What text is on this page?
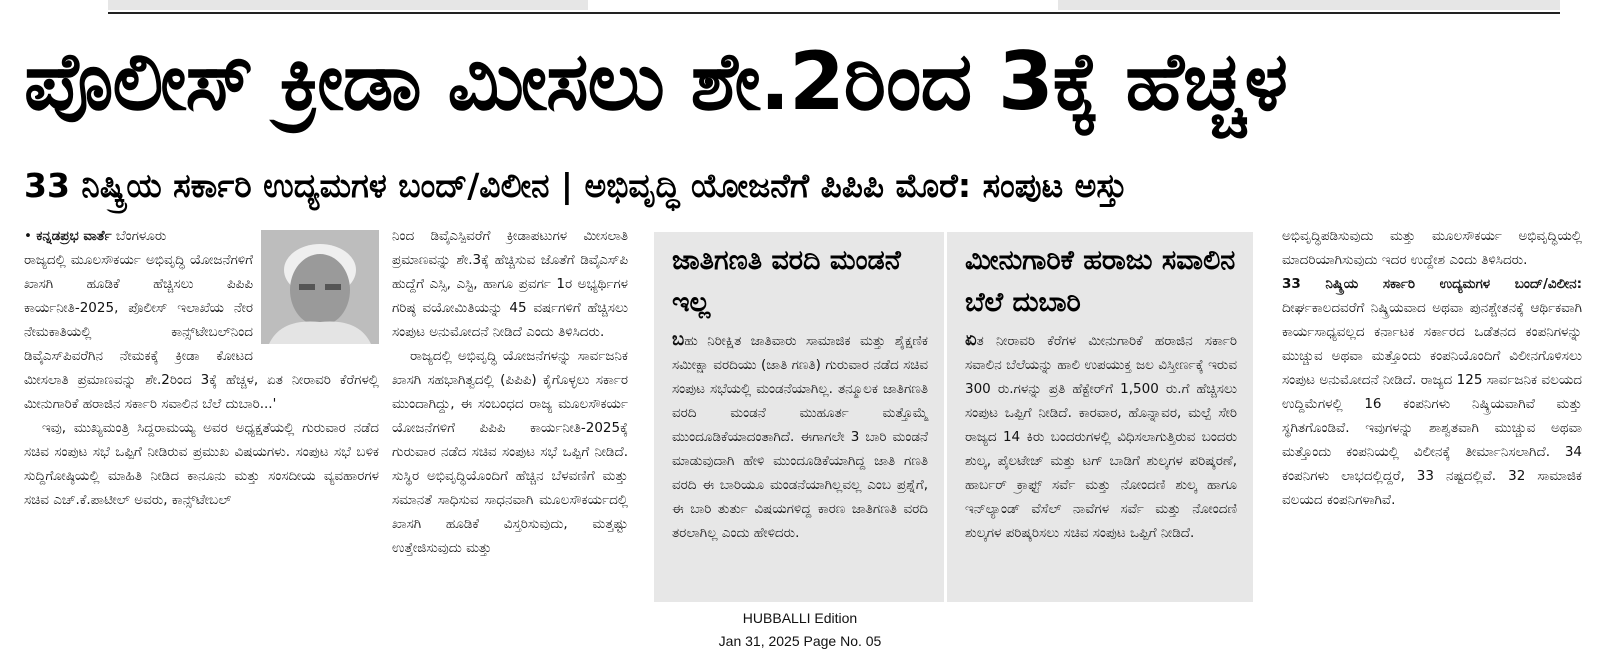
ಪೊಲೀಸ್ ಕ್ರೀಡಾ ಮೀಸಲು ಶೇ.2ರಿಂದ 3ಕ್ಕೆ ಹೆಚ್ಚಳ
33 ನಿಷ್ಕ್ರಿಯ ಸರ್ಕಾರಿ ಉದ್ಯಮಗಳ ಬಂದ್/ವಿಲೀನ | ಅಭಿವೃದ್ಧಿ ಯೋಜನೆಗೆ ಪಿಪಿಪಿ ಮೊರೆ: ಸಂಪುಟ ಅಸ್ತು

• ಕನ್ನಡಪ್ರಭ ವಾರ್ತೆ ಬೆಂಗಳೂರು

ರಾಜ್ಯದಲ್ಲಿ ಮೂಲಸೌಕರ್ಯ ಅಭಿವೃದ್ಧಿ ಯೋಜನೆಗಳಿಗೆ ಖಾಸಗಿ ಹೂಡಿಕೆ ಹೆಚ್ಚಿಸಲು ಪಿಪಿಪಿ ಕಾರ್ಯನೀತಿ-2025, ಪೊಲೀಸ್ ಇಲಾಖೆಯ ನೇರ ನೇಮಕಾತಿಯಲ್ಲಿ ಕಾನ್ಸ್‌ಟೇಬಲ್‌ನಿಂದ ಡಿವೈಎಸ್‌ಪಿವರೆಗಿನ ನೇಮಕಕ್ಕೆ ಕ್ರೀಡಾ ಕೋಟದ ಮೀಸಲಾತಿ ಪ್ರಮಾಣವನ್ನು ಶೇ.2ರಿಂದ 3ಕ್ಕೆ ಹೆಚ್ಚಳ, ಏತ ನೀರಾವರಿ ಕೆರೆಗಳಲ್ಲಿ ಮೀನುಗಾರಿಕೆ ಹರಾಜಿನ ಸರ್ಕಾರಿ ಸವಾಲಿನ ಬೆಲೆ ದುಬಾರಿ...'

ಇವು, ಮುಖ್ಯಮಂತ್ರಿ ಸಿದ್ದರಾಮಯ್ಯ ಅವರ ಅಧ್ಯಕ್ಷತೆಯಲ್ಲಿ ಗುರುವಾರ ನಡೆದ ಸಚಿವ ಸಂಪುಟ ಸಭೆ ಒಪ್ಪಿಗೆ ನೀಡಿರುವ ಪ್ರಮುಖ ವಿಷಯಗಳು. ಸಂಪುಟ ಸಭೆ ಬಳಿಕ ಸುದ್ದಿಗೋಷ್ಠಿಯಲ್ಲಿ ಮಾಹಿತಿ ನೀಡಿದ ಕಾನೂನು ಮತ್ತು ಸಂಸದೀಯ ವ್ಯವಹಾರಗಳ ಸಚಿವ ಎಚ್.ಕೆ.ಪಾಟೀಲ್ ಅವರು, ಕಾನ್ಸ್‌ಟೇಬಲ್

ನಿಂದ ಡಿವೈಎಸ್ಪಿವರೆಗೆ ಕ್ರೀಡಾಪಟುಗಳ ಮೀಸಲಾತಿ ಪ್ರಮಾಣವನ್ನು ಶೇ.3ಕ್ಕೆ ಹೆಚ್ಚಿಸುವ ಜೊತೆಗೆ ಡಿವೈಎಸ್‌ಪಿ ಹುದ್ದೆಗೆ ಎಸ್ಸಿ, ಎಸ್ಟಿ, ಹಾಗೂ ಪ್ರವರ್ಗ 1ರ ಅಭ್ಯರ್ಥಿಗಳ ಗರಿಷ್ಠ ವಯೋಮಿತಿಯನ್ನು 45 ವರ್ಷಗಳಿಗೆ ಹೆಚ್ಚಿಸಲು ಸಂಪುಟ ಅನುಮೋದನೆ ನೀಡಿದೆ ಎಂದು ತಿಳಿಸಿದರು.

ರಾಜ್ಯದಲ್ಲಿ ಅಭಿವೃದ್ಧಿ ಯೋಜನೆಗಳನ್ನು ಸಾರ್ವಜನಿಕ ಖಾಸಗಿ ಸಹಭಾಗಿತ್ವದಲ್ಲಿ (ಪಿಪಿಪಿ) ಕೈಗೊಳ್ಳಲು ಸರ್ಕಾರ ಮುಂದಾಗಿದ್ದು, ಈ ಸಂಬಂಧದ ರಾಜ್ಯ ಮೂಲಸೌಕರ್ಯ ಯೋಜನೆಗಳಿಗೆ ಪಿಪಿಪಿ ಕಾರ್ಯನೀತಿ-2025ಕ್ಕೆ ಗುರುವಾರ ನಡೆದ ಸಚಿವ ಸಂಪುಟ ಸಭೆ ಒಪ್ಪಿಗೆ ನೀಡಿದೆ. ಸುಸ್ಥಿರ ಅಭಿವೃದ್ಧಿಯೊಂದಿಗೆ ಹೆಚ್ಚಿನ ಬೆಳವಣಿಗೆ ಮತ್ತು ಸಮಾನತೆ ಸಾಧಿಸುವ ಸಾಧನವಾಗಿ ಮೂಲಸೌಕರ್ಯದಲ್ಲಿ ಖಾಸಗಿ ಹೂಡಿಕೆ ವಿಸ್ತರಿಸುವುದು, ಮತ್ತಷ್ಟು ಉತ್ತೇಜಿಸುವುದು ಮತ್ತು

ಜಾತಿಗಣತಿ ವರದಿ ಮಂಡನೆ ಇಲ್ಲ

ಬಹು ನಿರೀಕ್ಷಿತ ಜಾತಿವಾರು ಸಾಮಾಜಿಕ ಮತ್ತು ಶೈಕ್ಷಣಿಕ ಸಮೀಕ್ಷಾ ವರದಿಯು (ಜಾತಿ ಗಣತಿ) ಗುರುವಾರ ನಡೆದ ಸಚಿವ ಸಂಪುಟ ಸಭೆಯಲ್ಲಿ ಮಂಡನೆಯಾಗಿಲ್ಲ. ತನ್ಮೂಲಕ ಜಾತಿಗಣತಿ ವರದಿ ಮಂಡನೆ ಮುಹೂರ್ತ ಮತ್ತೊಮ್ಮೆ ಮುಂದೂಡಿಕೆಯಾದಂತಾಗಿದೆ. ಈಗಾಗಲೇ 3 ಬಾರಿ ಮಂಡನೆ ಮಾಡುವುದಾಗಿ ಹೇಳಿ ಮುಂದೂಡಿಕೆಯಾಗಿದ್ದ ಜಾತಿ ಗಣತಿ ವರದಿ ಈ ಬಾರಿಯೂ ಮಂಡನೆಯಾಗಿಲ್ಲವಲ್ಲ ಎಂಬ ಪ್ರಶ್ನೆಗೆ, ಈ ಬಾರಿ ತುರ್ತು ವಿಷಯಗಳಿದ್ದ ಕಾರಣ ಜಾತಿಗಣತಿ ವರದಿ ತರಲಾಗಿಲ್ಲ ಎಂದು ಹೇಳಿದರು.

ಮೀನುಗಾರಿಕೆ ಹರಾಜು ಸವಾಲಿನ ಬೆಲೆ ದುಬಾರಿ

ಏತ ನೀರಾವರಿ ಕೆರೆಗಳ ಮೀನುಗಾರಿಕೆ ಹರಾಜಿನ ಸರ್ಕಾರಿ ಸವಾಲಿನ ಬೆಲೆಯನ್ನು ಹಾಲಿ ಉಪಯುಕ್ತ ಜಲ ವಿಸ್ತೀರ್ಣಕ್ಕೆ ಇರುವ 300 ರು.ಗಳನ್ನು ಪ್ರತಿ ಹೆಕ್ಟೇರ್‌ಗೆ 1,500 ರು.ಗೆ ಹೆಚ್ಚಿಸಲು ಸಂಪುಟ ಒಪ್ಪಿಗೆ ನೀಡಿದೆ. ಕಾರವಾರ, ಹೊನ್ನಾವರ, ಮಲ್ಪೆ ಸೇರಿ ರಾಜ್ಯದ 14 ಕಿರು ಬಂದರುಗಳಲ್ಲಿ ವಿಧಿಸಲಾಗುತ್ತಿರುವ ಬಂದರು ಶುಲ್ಕ, ಪೈಲಟೇಜ್ ಮತ್ತು ಟಗ್ ಬಾಡಿಗೆ ಶುಲ್ಕಗಳ ಪರಿಷ್ಕರಣೆ, ಹಾರ್ಬರ್ ಕ್ರಾಫ್ಟ್ ಸರ್ವೆ ಮತ್ತು ನೋಂದಣಿ ಶುಲ್ಕ ಹಾಗೂ ಇನ್‌ಲ್ಯಾಂಡ್ ವೆಸೆಲ್ ನಾವೆಗಳ ಸರ್ವೆ ಮತ್ತು ನೋಂದಣಿ ಶುಲ್ಕಗಳ ಪರಿಷ್ಕರಿಸಲು ಸಚಿವ ಸಂಪುಟ ಒಪ್ಪಿಗೆ ನೀಡಿದೆ.

ಅಭಿವೃದ್ಧಿಪಡಿಸುವುದು ಮತ್ತು ಮೂಲಸೌಕರ್ಯ ಅಭಿವೃದ್ಧಿಯಲ್ಲಿ ಮಾದರಿಯಾಗಿಸುವುದು ಇದರ ಉದ್ದೇಶ ಎಂದು ತಿಳಿಸಿದರು.

33 ನಿಷ್ಕ್ರಿಯ ಸರ್ಕಾರಿ ಉದ್ಯಮಗಳ ಬಂದ್/ವಿಲೀನ: ದೀರ್ಘಕಾಲದವರೆಗೆ ನಿಷ್ಕ್ರಿಯವಾದ ಅಥವಾ ಪುನಶ್ಚೇತನಕ್ಕೆ ಆರ್ಥಿಕವಾಗಿ ಕಾರ್ಯಸಾಧ್ಯವಲ್ಲದ ಕರ್ನಾಟಕ ಸರ್ಕಾರದ ಒಡೆತನದ ಕಂಪನಿಗಳನ್ನು ಮುಚ್ಚುವ ಅಥವಾ ಮತ್ತೊಂದು ಕಂಪನಿಯೊಂದಿಗೆ ವಿಲೀನಗೊಳಿಸಲು ಸಂಪುಟ ಅನುಮೋದನೆ ನೀಡಿದೆ. ರಾಜ್ಯದ 125 ಸಾರ್ವಜನಿಕ ವಲಯದ ಉದ್ದಿಮೆಗಳಲ್ಲಿ 16 ಕಂಪನಿಗಳು ನಿಷ್ಕ್ರಿಯವಾಗಿವೆ ಮತ್ತು ಸ್ಥಗಿತಗೊಂಡಿವೆ. ಇವುಗಳನ್ನು ಶಾಶ್ವತವಾಗಿ ಮುಚ್ಚುವ ಅಥವಾ ಮತ್ತೊಂದು ಕಂಪನಿಯಲ್ಲಿ ವಿಲೀನಕ್ಕೆ ತೀರ್ಮಾನಿಸಲಾಗಿದೆ. 34 ಕಂಪನಿಗಳು ಲಾಭದಲ್ಲಿದ್ದರೆ, 33 ನಷ್ಟದಲ್ಲಿವೆ. 32 ಸಾಮಾಜಿಕ ವಲಯದ ಕಂಪನಿಗಳಾಗಿವೆ.

HUBBALLI Edition
Jan 31, 2025 Page No. 05
